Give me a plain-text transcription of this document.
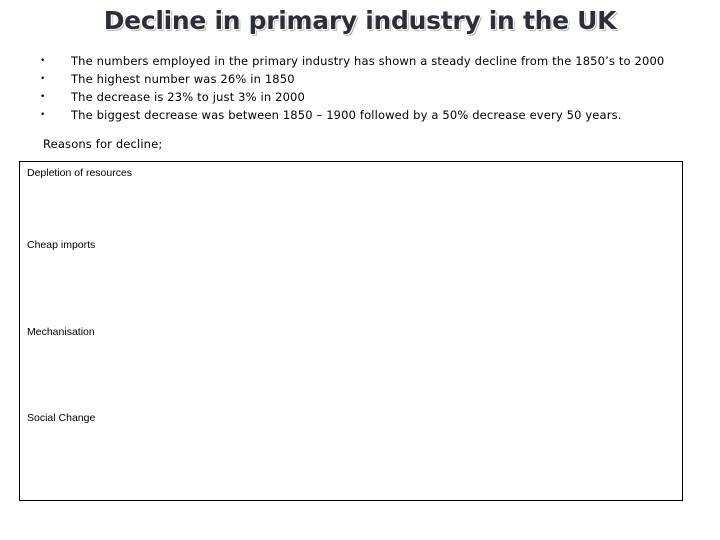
Decline in primary industry in the UK
•	The numbers employed in the primary industry has shown a steady decline from the 1850’s to 2000
•	The highest number was 26% in 1850
•	The decrease is 23% to just 3% in 2000
•	The biggest decrease was between 1850 – 1900 followed by a 50% decrease every 50 years.
Reasons for decline;
Depletion of resources
Cheap imports
Mechanisation
Social Change
